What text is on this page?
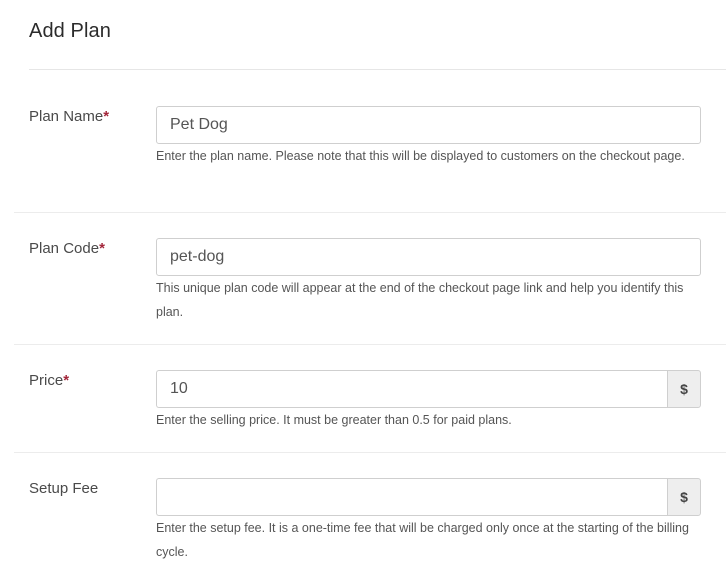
Add Plan
Plan Name*
Pet Dog
Enter the plan name. Please note that this will be displayed to customers on the checkout page.
Plan Code*
pet-dog
This unique plan code will appear at the end of the checkout page link and help you identify this plan.
Price*
10	$
Enter the selling price. It must be greater than 0.5 for paid plans.
Setup Fee	$
Enter the setup fee. It is a one-time fee that will be charged only once at the starting of the billing cycle.
